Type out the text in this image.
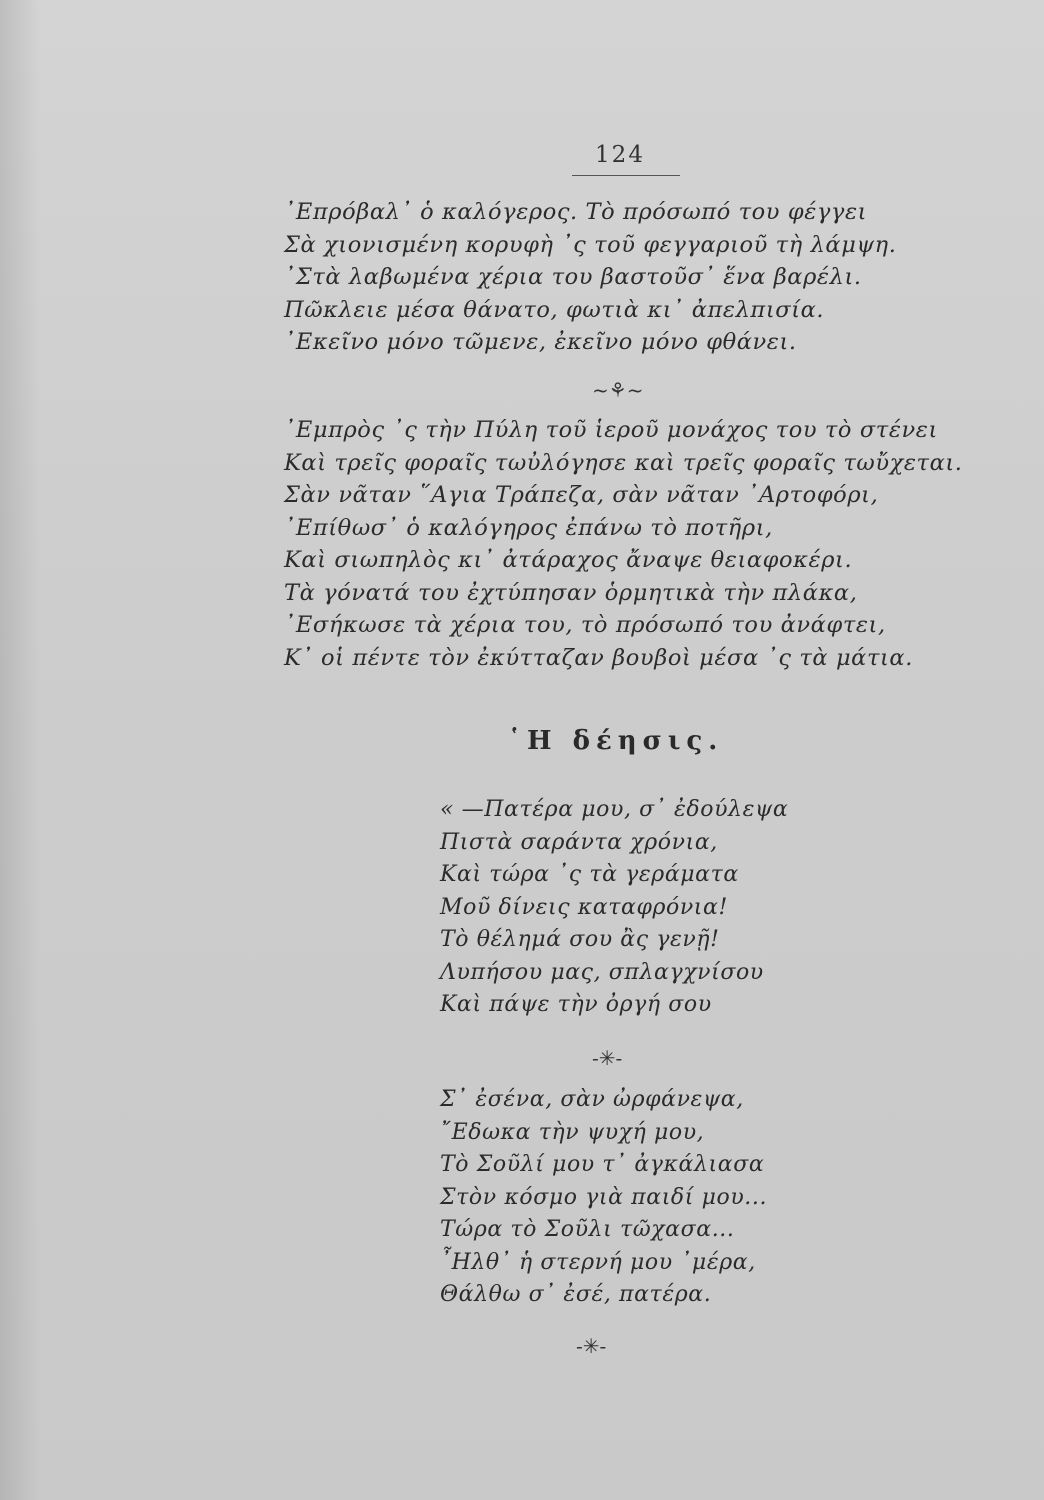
124
᾿Επρόβαλ᾿ ὁ καλόγερος. Τὸ πρόσωπό του φέγγει
Σὰ χιονισμένη κορυφὴ ᾿ς τοῦ φεγγαριοῦ τὴ λάμψη.
᾿Στὰ λαβωμένα χέρια του βαστοῦσ᾿ ἕνα βαρέλι.
Πῶκλειε μέσα θάνατο, φωτιὰ κι᾿ ἀπελπισία.
᾿Εκεῖνο μόνο τῶμενε, ἐκεῖνο μόνο φθάνει.
~⚘~
᾿Εμπρὸς ᾿ς τὴν Πύλη τοῦ ἱεροῦ μονάχος του τὸ στένει
Καὶ τρεῖς φοραῖς τωὐλόγησε καὶ τρεῖς φοραῖς τωὔχεται.
Σὰν νᾶταν ῞Αγια Τράπεζα, σὰν νᾶταν ᾿Αρτοφόρι,
᾿Επίθωσ᾿ ὁ καλόγηρος ἐπάνω τὸ ποτῆρι,
Καὶ σιωπηλὸς κι᾿ ἀτάραχος ἄναψε θειαφοκέρι.
Τὰ γόνατά του ἐχτύπησαν ὁρμητικὰ τὴν πλάκα,
᾿Εσήκωσε τὰ χέρια του, τὸ πρόσωπό του ἀνάφτει,
Κ᾿ οἱ πέντε τὸν ἐκύτταζαν βουβοὶ μέσα ᾿ς τὰ μάτια.
῾Η δέησις.
« —Πατέρα μου, σ᾿ ἐδούλεψα
Πιστὰ σαράντα χρόνια,
Καὶ τώρα ᾿ς τὰ γεράματα
Μοῦ δίνεις καταφρόνια!
Τὸ θέλημά σου ἂς γενῇ!
Λυπήσου μας, σπλαγχνίσου
Καὶ πάψε τὴν ὀργή σου
-✳-
Σ᾿ ἐσένα, σὰν ὠρφάνεψα,
῎Εδωκα τὴν ψυχή μου,
Τὸ Σοῦλί μου τ᾿ ἀγκάλιασα
Στὸν κόσμο γιὰ παιδί μου...
Τώρα τὸ Σοῦλι τῶχασα...
῏Ηλθ᾿ ἡ στερνή μου ᾿μέρα,
Θάλθω σ᾿ ἐσέ, πατέρα.
-✳-
